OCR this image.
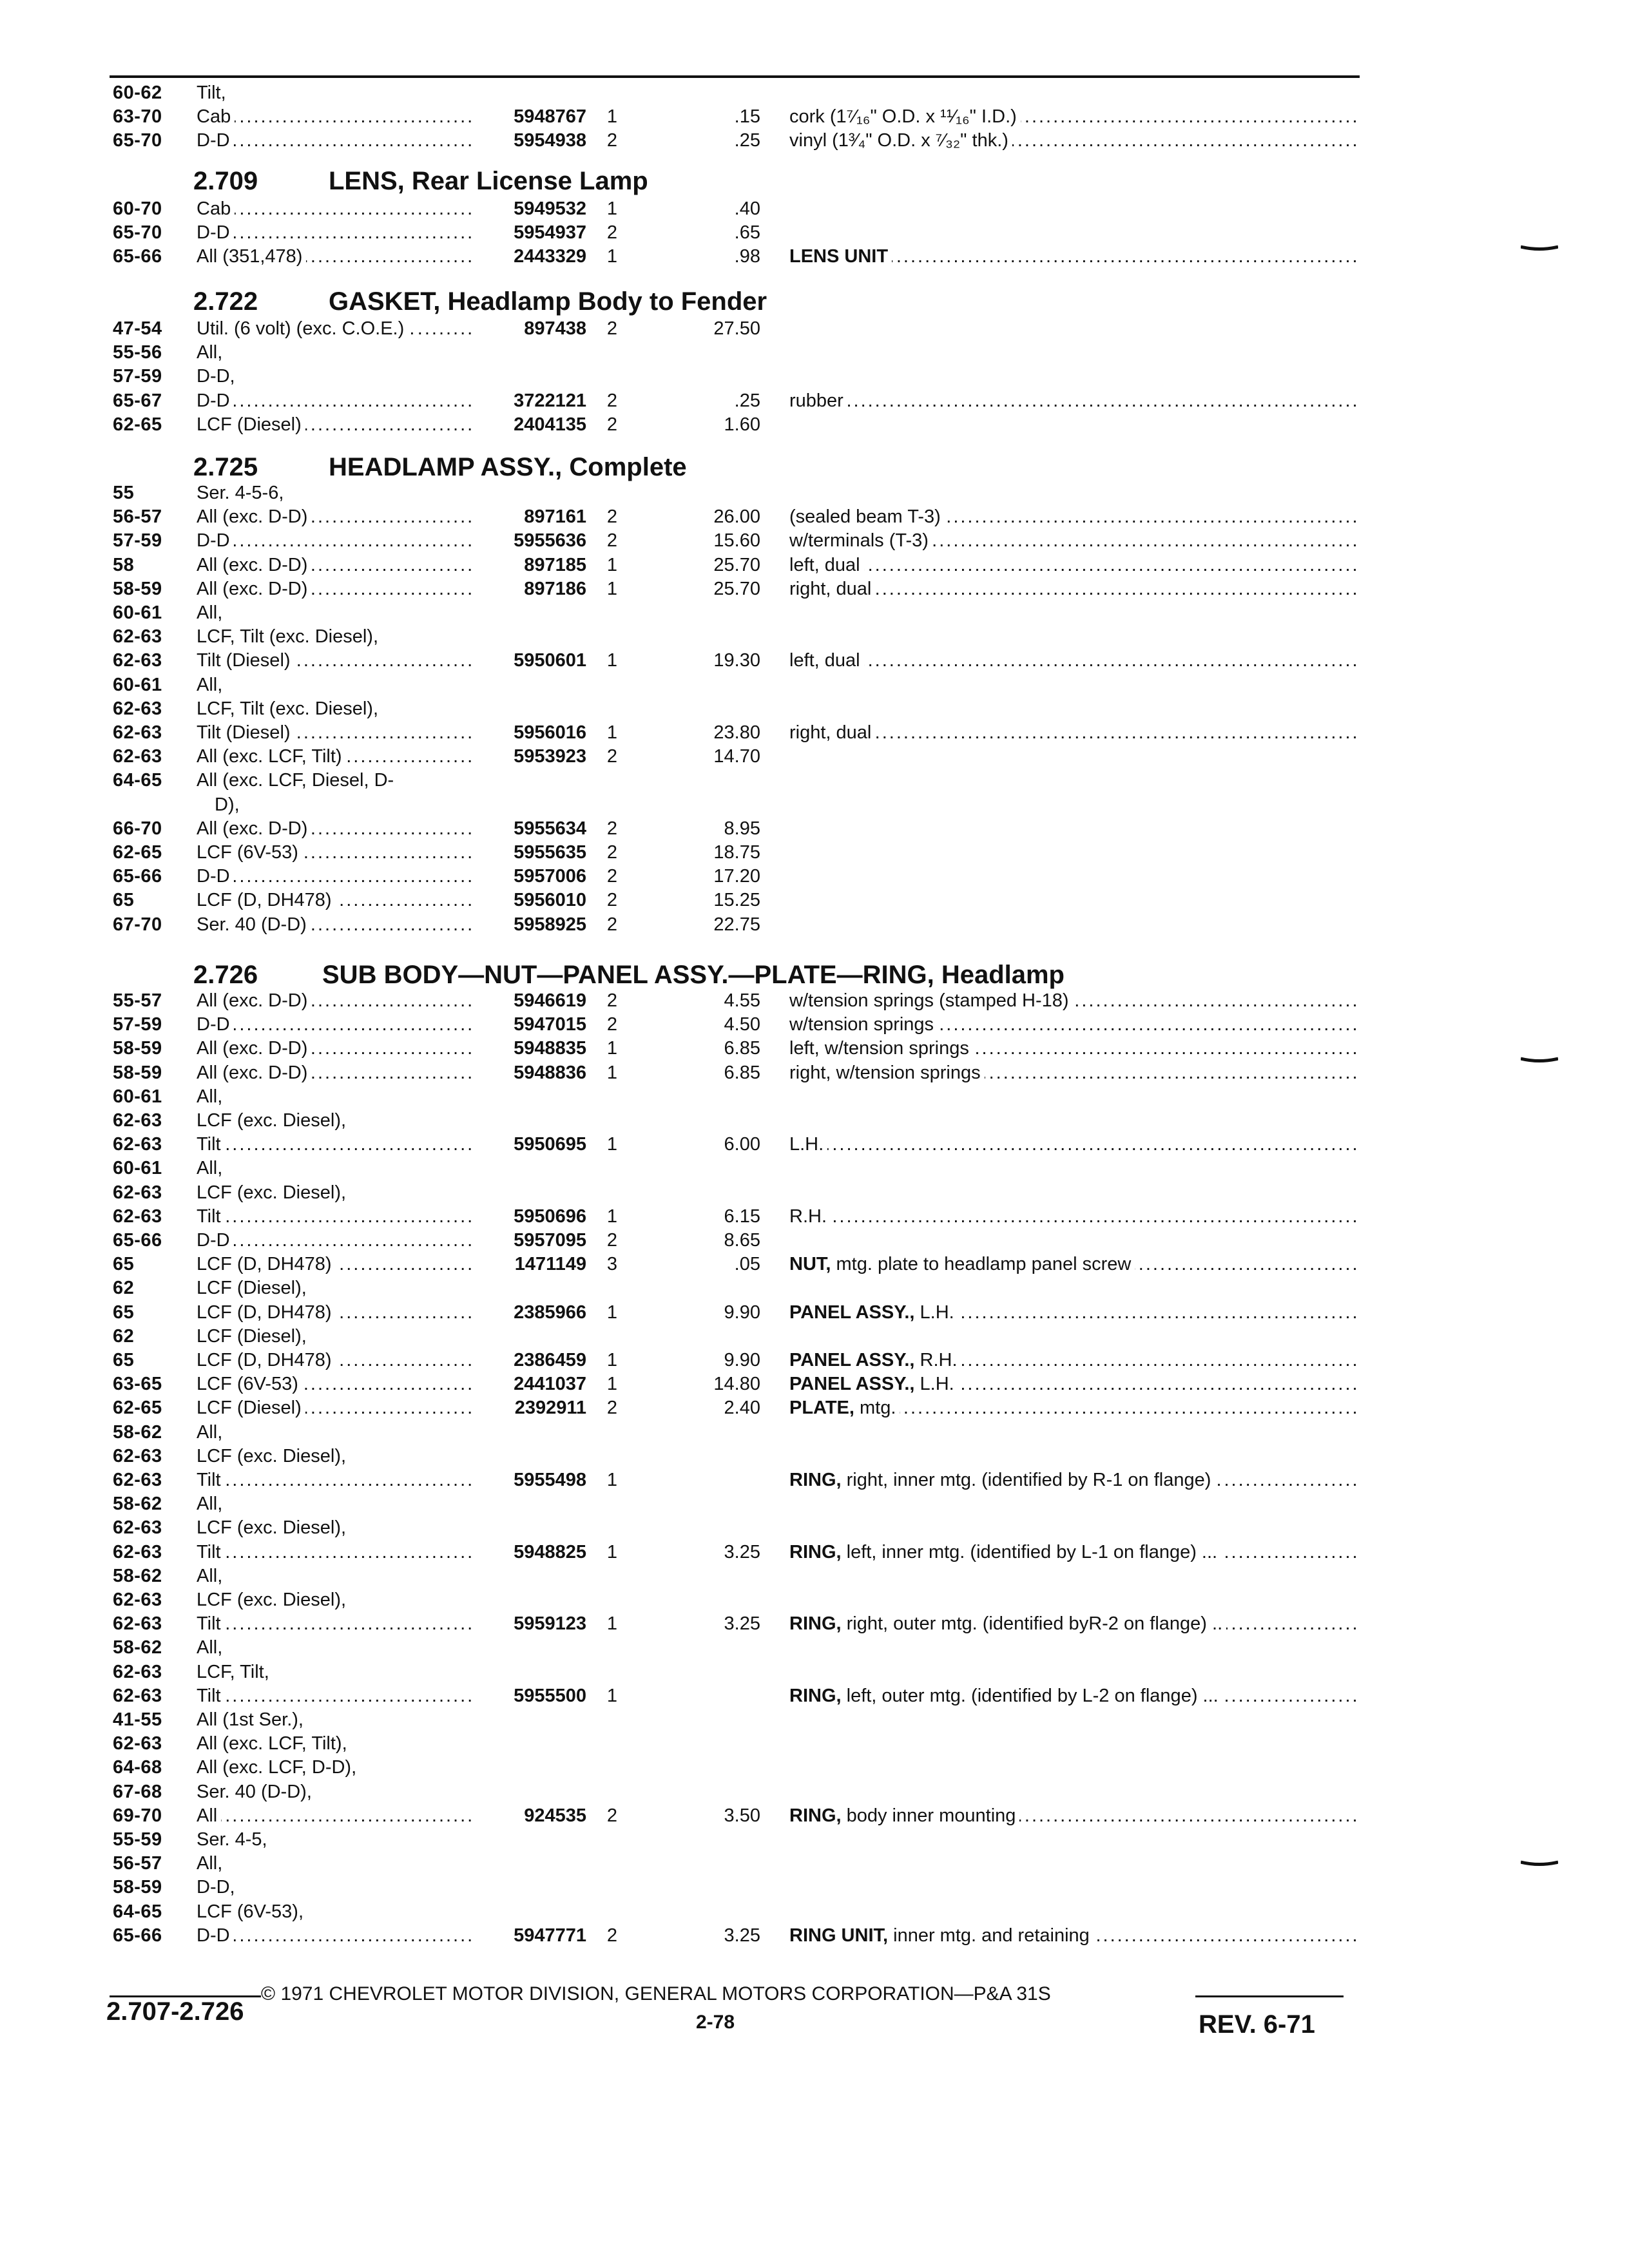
2.709	LENS, Rear License Lamp
2.722	GASKET, Headlamp Body to Fender
2.725	HEADLAMP ASSY., Complete
2.726 SUB BODY—NUT—PANEL ASSY.—PLATE—RING, Headlamp
60-62	Tilt,
63-70	Cab .....	5948767	1	.15 cork (1⁷⁄₁₆" O.D. x ¹¹⁄₁₆" I.D.) .....
65-70	D-D .....	5954938	2	.25 vinyl (1³⁄₄" O.D. x ⁷⁄₃₂" thk.) .....
60-70	Cab .....	5949532	1	.40
65-70	D-D .....	5954937	2	.65
65-66	All (351,478) .....	2443329	1	.98 LENS UNIT .....
47-54	Util. (6 volt) (exc. C.O.E.) . .....	897438	2	27.50
55-56	All,
57-59	D-D,
65-67	D-D .....	3722121	2	.25 rubber .....
62-65	LCF (Diesel) .....	2404135	2	1.60
55	Ser. 4-5-6,
56-57	All (exc. D-D) .....	897161	2	26.00 (sealed beam T-3) .....
57-59	D-D .....	5955636	2	15.60 w/terminals (T-3) .....
58	All (exc. D-D) .....	897185	1	25.70 left, dual .....
58-59	All (exc. D-D) .....	897186	1	25.70 right, dual .....
60-61	All,
62-63	LCF, Tilt (exc. Diesel),
62-63	Tilt (Diesel) .....	5950601	1	19.30 left, dual .....
60-61	All,
62-63	LCF, Tilt (exc. Diesel),
62-63	Tilt (Diesel) .....	5956016	1	23.80 right, dual .....
62-63	All (exc. LCF, Tilt) .....	5953923	2	14.70
64-65	All (exc. LCF, Diesel, D-
D),
66-70	All (exc. D-D) .....	5955634	2	8.95
62-65	LCF (6V-53) .....	5955635	2	18.75
65-66	D-D .....	5957006	2	17.20
65	LCF (D, DH478) .....	5956010	2	15.25
67-70	Ser. 40 (D-D) .....	5958925	2	22.75
55-57	All (exc. D-D) .....	5946619	2	4.55 w/tension springs (stamped H-18) .....
57-59	D-D .....	5947015	2	4.50 w/tension springs .....
58-59	All (exc. D-D) .....	5948835	1	6.85 left, w/tension springs .....
58-59	All (exc. D-D) .....	5948836	1	6.85 right, w/tension springs .....
60-61	All,
62-63	LCF (exc. Diesel),
62-63	Tilt .....	5950695	1	6.00 L.H. .....
60-61	All,
62-63	LCF (exc. Diesel),
62-63	Tilt .....	5950696	1	6.15 R.H. .....
65-66	D-D .....	5957095	2	8.65
65	LCF (D, DH478) .....	1471149	3	.05 NUT, mtg. plate to headlamp panel screw .....
62	LCF (Diesel),
65	LCF (D, DH478) .....	2385966	1	9.90 PANEL ASSY., L.H. .....
62	LCF (Diesel),
65	LCF (D, DH478) .....	2386459	1	9.90 PANEL ASSY., R.H. .....
63-65	LCF (6V-53) .....	2441037	1	14.80 PANEL ASSY., L.H. .....
62-65	LCF (Diesel) .....	2392911	2	2.40 PLATE, mtg. .....
58-62	All,
62-63	LCF (exc. Diesel),
62-63	Tilt .....	5955498	1	RING, right, inner mtg. (identified by R-1 on flange) . .....
58-62	All,
62-63	LCF (exc. Diesel),
62-63	Tilt .....	5948825	1	3.25 RING, left, inner mtg. (identified by L-1 on flange) ... .....
58-62	All,
62-63	LCF (exc. Diesel),
62-63	Tilt .....	5959123	1	3.25 RING, right, outer mtg. (identified byR-2 on flange) .. .....
58-62	All,
62-63	LCF, Tilt,
62-63	Tilt .....	5955500	1	RING, left, outer mtg. (identified by L-2 on flange) ... .....
41-55	All (1st Ser.),
62-63	All (exc. LCF, Tilt),
64-68	All (exc. LCF, D-D),
67-68	Ser. 40 (D-D),
69-70	All .....	924535	2	3.50 RING, body inner mounting .....
55-59	Ser. 4-5,
56-57	All,
58-59	D-D,
64-65	LCF (6V-53),
65-66	D-D .....	5947771	2	3.25 RING UNIT, inner mtg. and retaining .....
© 1971 CHEVROLET MOTOR DIVISION, GENERAL MOTORS CORPORATION—P&A 31S
2.707-2.726	2-78	REV. 6-71
